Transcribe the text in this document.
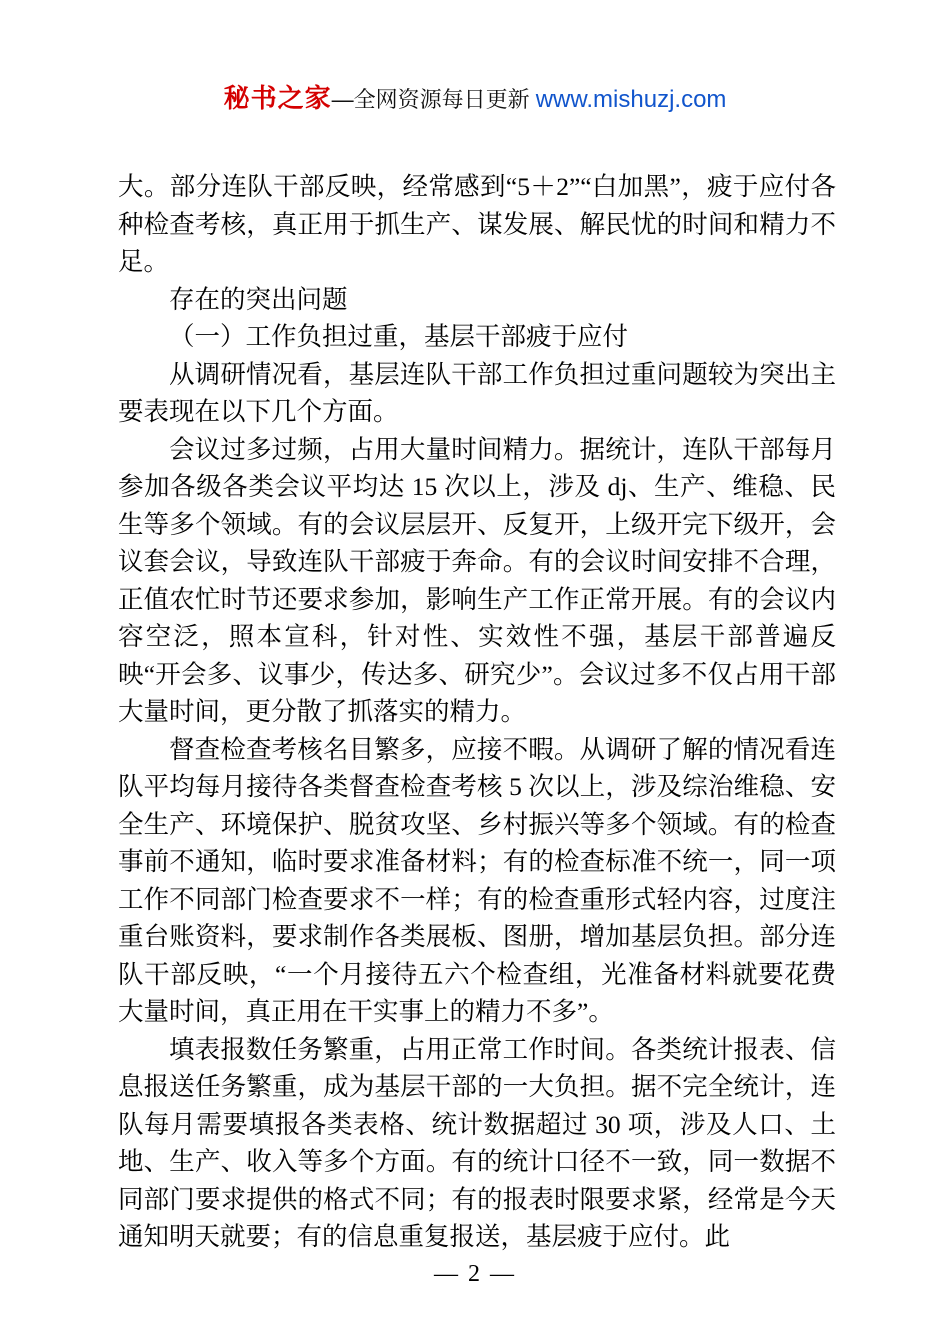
秘书之家—全网资源每日更新 www.mishuzj.com

大。部分连队干部反映，经常感到“5＋2”“白加黑”，疲于应付各种检查考核，真正用于抓生产、谋发展、解民忧的时间和精力不足。

存在的突出问题

（一）工作负担过重，基层干部疲于应付

从调研情况看，基层连队干部工作负担过重问题较为突出主要表现在以下几个方面。

会议过多过频，占用大量时间精力。据统计，连队干部每月参加各级各类会议平均达 15 次以上，涉及 dj、生产、维稳、民生等多个领域。有的会议层层开、反复开，上级开完下级开，会议套会议，导致连队干部疲于奔命。有的会议时间安排不合理，正值农忙时节还要求参加，影响生产工作正常开展。有的会议内容空泛，照本宣科，针对性、实效性不强，基层干部普遍反映“开会多、议事少，传达多、研究少”。会议过多不仅占用干部大量时间，更分散了抓落实的精力。

督查检查考核名目繁多，应接不暇。从调研了解的情况看连队平均每月接待各类督查检查考核 5 次以上，涉及综治维稳、安全生产、环境保护、脱贫攻坚、乡村振兴等多个领域。有的检查事前不通知，临时要求准备材料；有的检查标准不统一，同一项工作不同部门检查要求不一样；有的检查重形式轻内容，过度注重台账资料，要求制作各类展板、图册，增加基层负担。部分连队干部反映，“一个月接待五六个检查组，光准备材料就要花费大量时间，真正用在干实事上的精力不多”。

填表报数任务繁重，占用正常工作时间。各类统计报表、信息报送任务繁重，成为基层干部的一大负担。据不完全统计，连队每月需要填报各类表格、统计数据超过 30 项，涉及人口、土地、生产、收入等多个方面。有的统计口径不一致，同一数据不同部门要求提供的格式不同；有的报表时限要求紧，经常是今天通知明天就要；有的信息重复报送，基层疲于应付。此

— 2 —
